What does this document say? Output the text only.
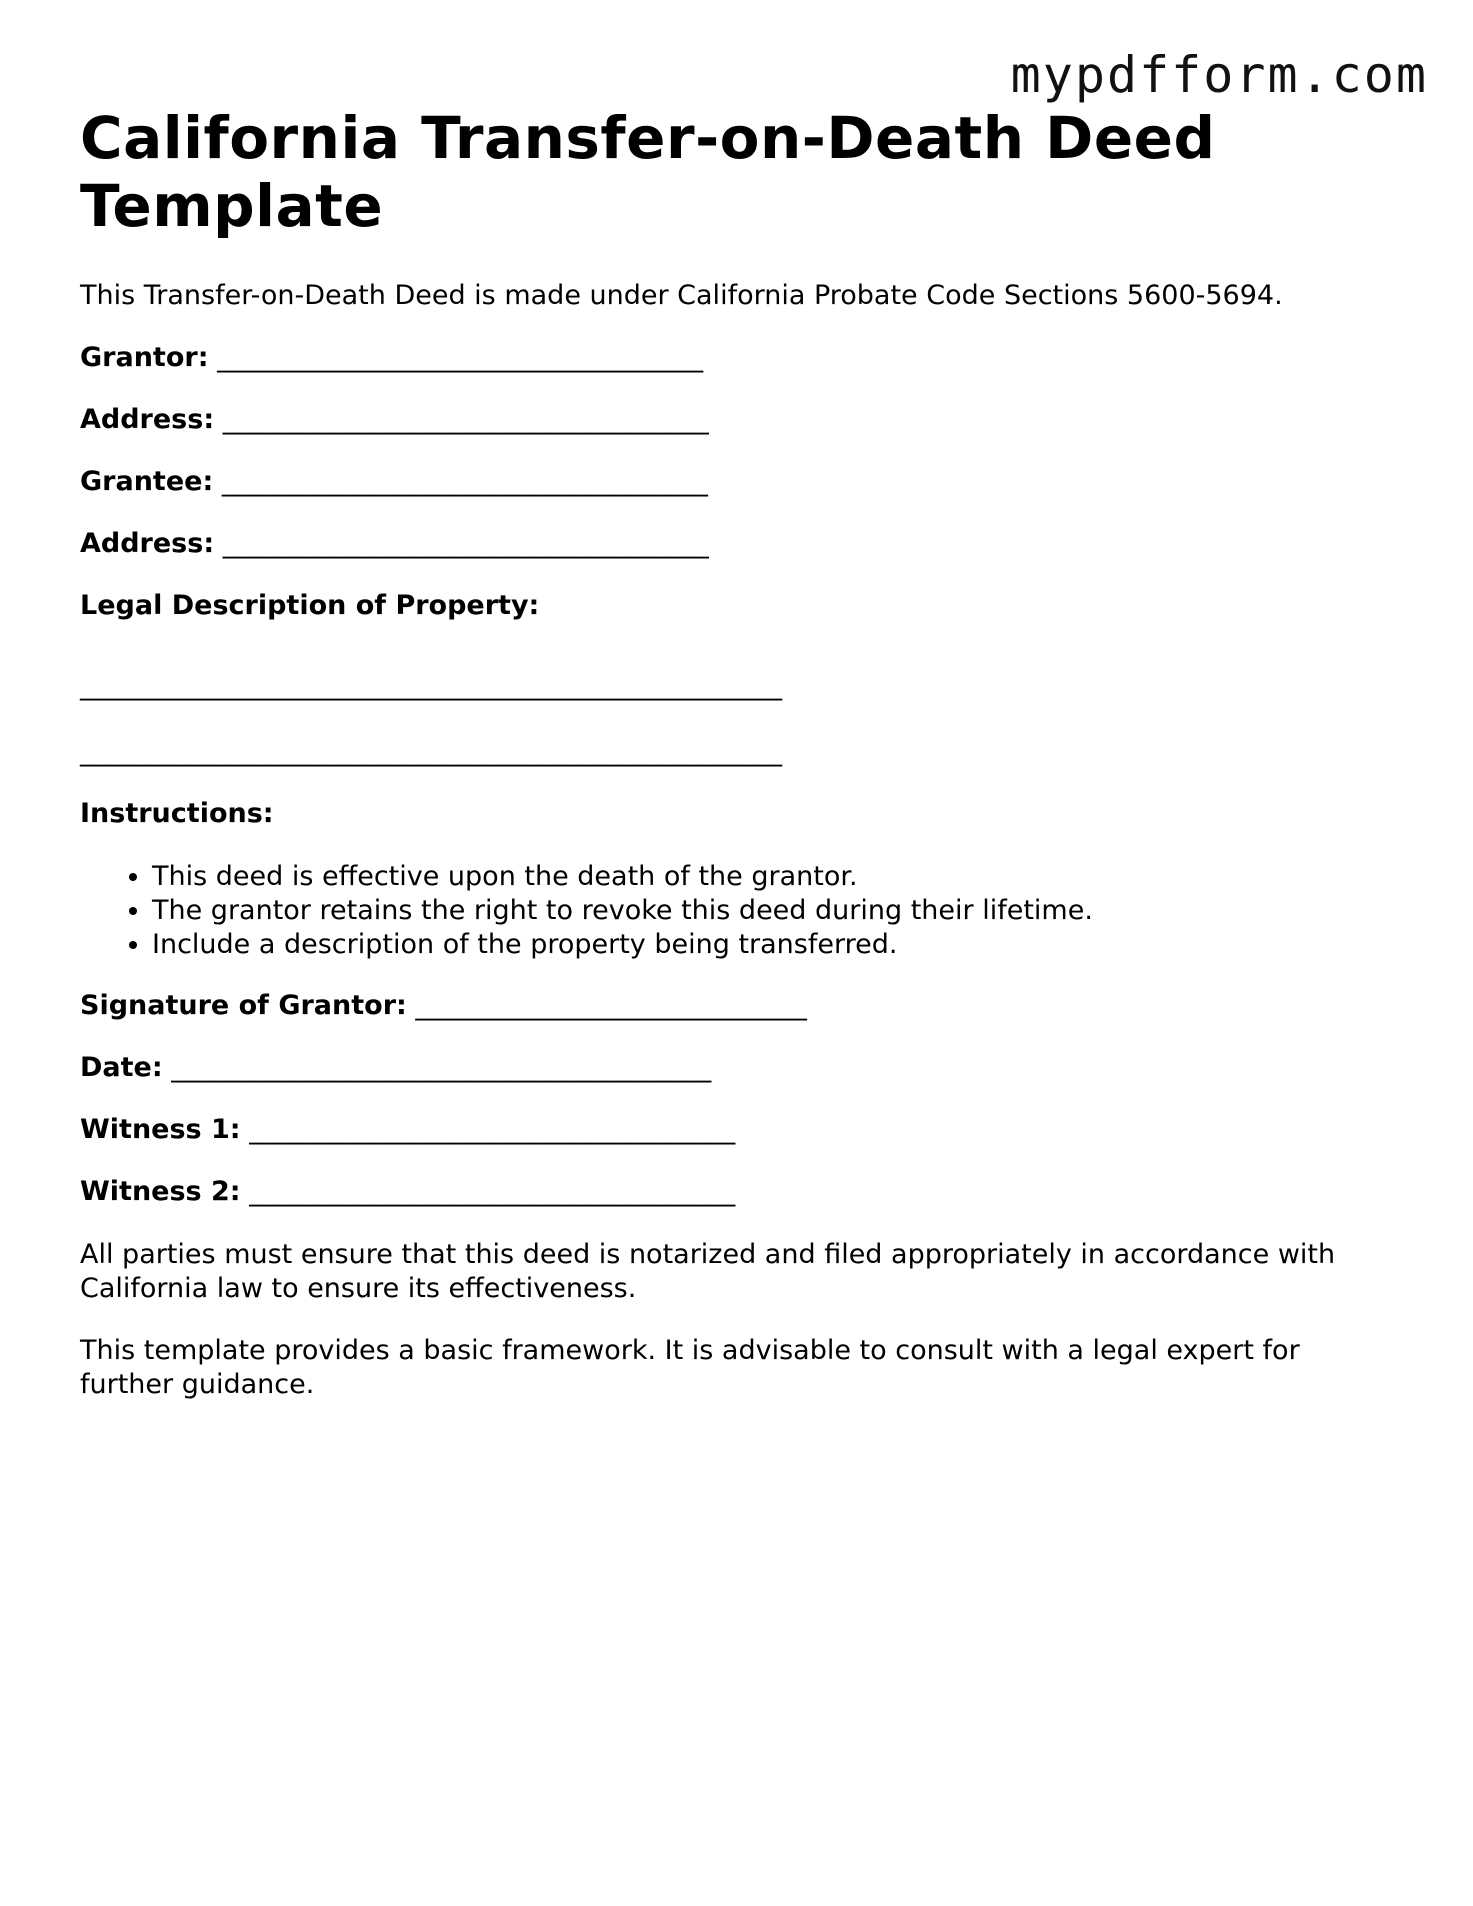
mypdfform.com
California Transfer-on-Death Deed Template

This Transfer-on-Death Deed is made under California Probate Code Sections 5600-5694.

Grantor: ____________________________________
Address: ____________________________________
Grantee: ____________________________________
Address: ____________________________________
Legal Description of Property:
____________________________________________________
____________________________________________________
Instructions:
• This deed is effective upon the death of the grantor.
• The grantor retains the right to revoke this deed during their lifetime.
• Include a description of the property being transferred.
Signature of Grantor: _____________________________
Date: ________________________________________
Witness 1: ____________________________________
Witness 2: ____________________________________

All parties must ensure that this deed is notarized and filed appropriately in accordance with California law to ensure its effectiveness.

This template provides a basic framework. It is advisable to consult with a legal expert for further guidance.
